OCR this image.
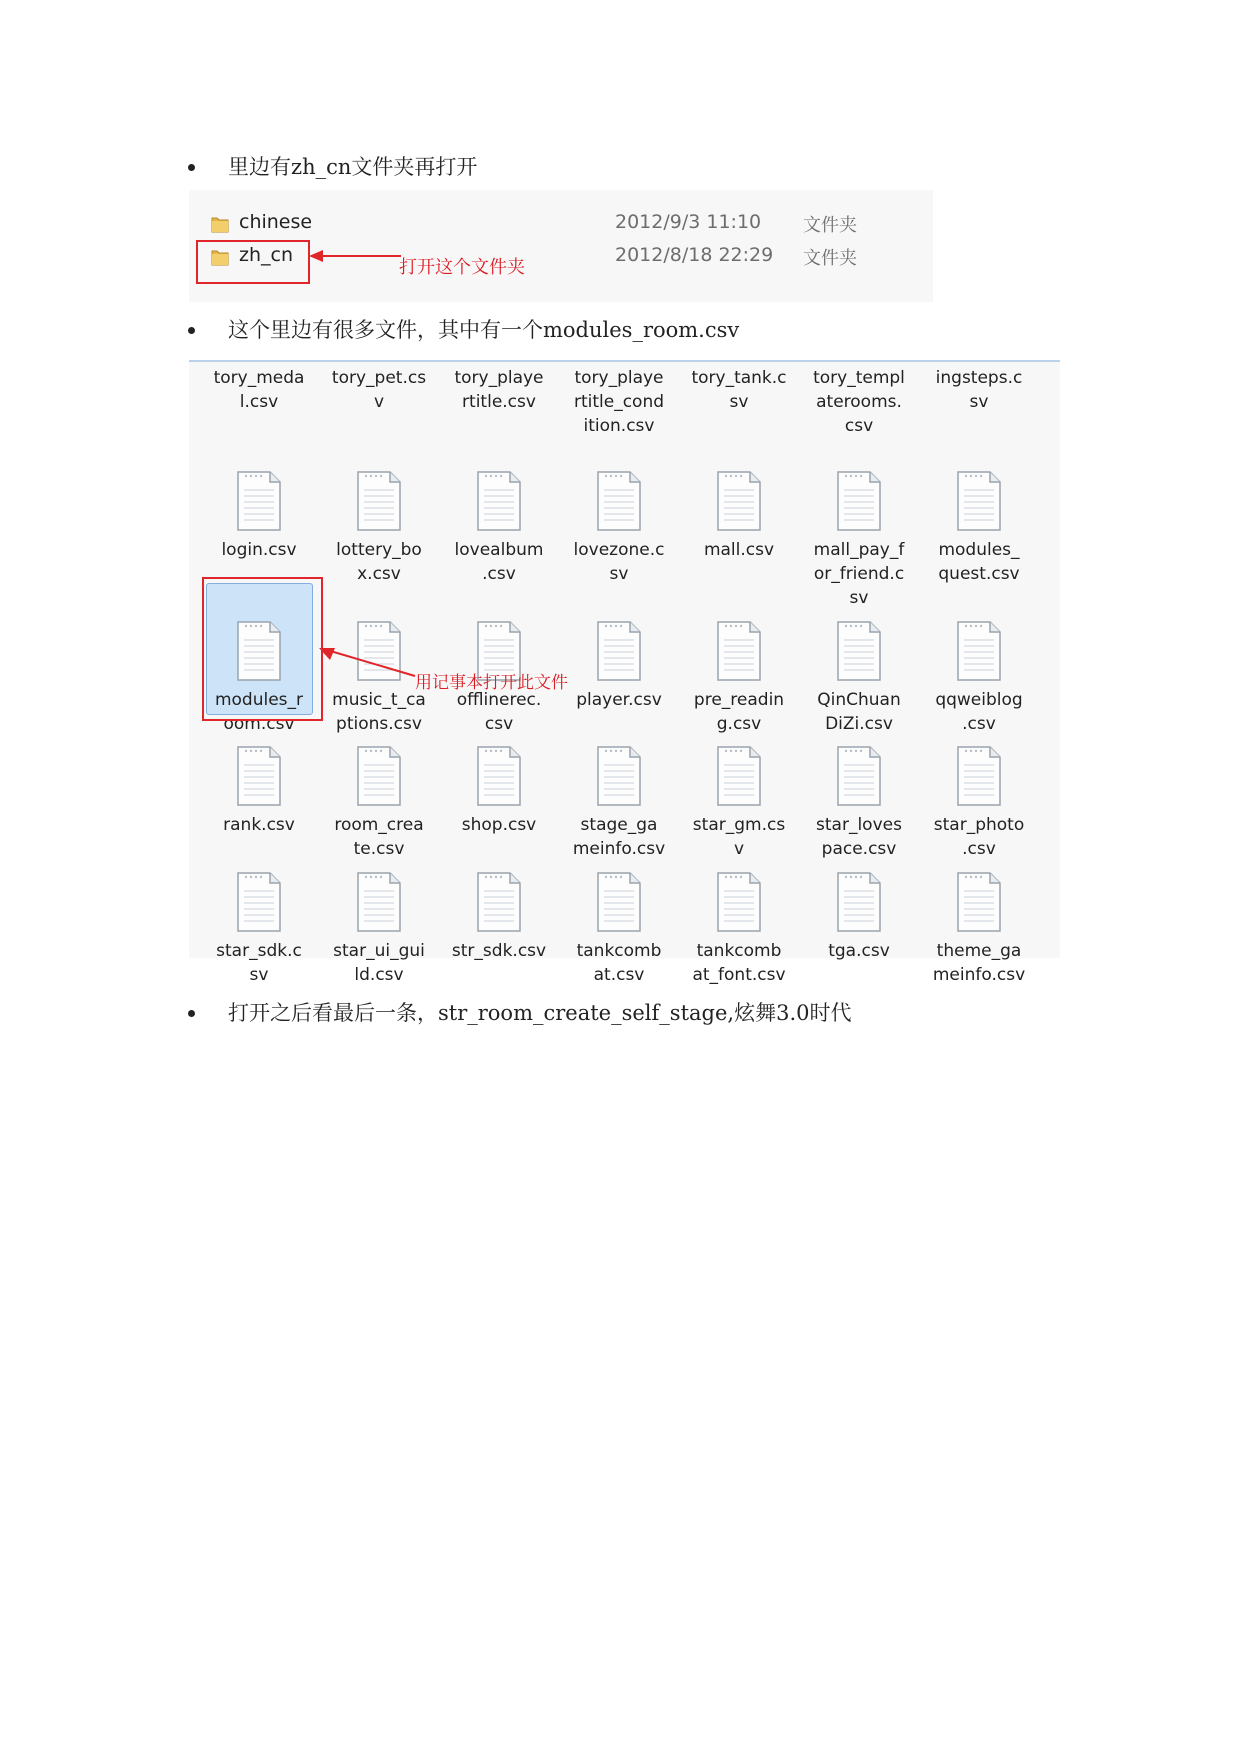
里边有zh_cn文件夹再打开
chinese	2012/9/3 11:10 文件夹
zh_cn	2012/8/18 22:29 文件夹
打开这个文件夹
这个里边有很多文件，其中有一个modules_room.csv
tory_meda
l.csv
tory_pet.cs
v
tory_playe
rtitle.csv
tory_playe
rtitle_cond
ition.csv
tory_tank.c
sv
tory_templ
aterooms.
csv
ingsteps.c
sv
login.csv	lottery_bo
x.csv
lovealbum
.csv
lovezone.c
sv
mall.csv	mall_pay_f
or_friend.c
sv
modules_
quest.csv
modules_r
oom.csv
music_t_ca
ptions.csv
offlinerec.
csv
player.csv	pre_readin
g.csv
QinChuan
DiZi.csv
qqweiblog
.csv
rank.csv	room_crea
te.csv
shop.csv	stage_ga
meinfo.csv
star_gm.cs
v
star_loves
pace.csv
star_photo
.csv
star_sdk.c
sv
star_ui_gui
ld.csv
str_sdk.csv	tankcomb
at.csv
tankcomb
at_font.csv
tga.csv	theme_ga
meinfo.csv
用记事本打开此文件
打开之后看最后一条，str_room_create_self_stage,炫舞3.0时代
